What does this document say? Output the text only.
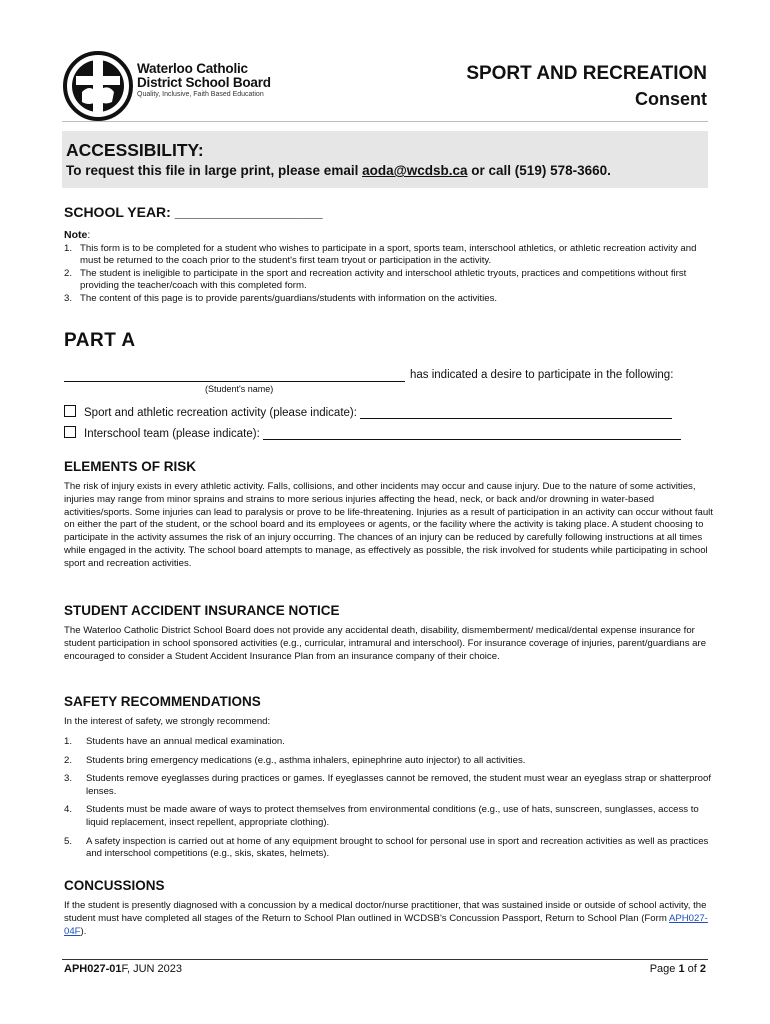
Waterloo Catholic
District School Board
Quality, Inclusive, Faith Based Education
SPORT AND RECREATION
Consent
ACCESSIBILITY:
To request this file in large print, please email aoda@wcdsb.ca or call (519) 578-3660.
SCHOOL YEAR: ___________________
Note:
1. This form is to be completed for a student who wishes to participate in a sport, sports team, interschool athletics, or athletic recreation activity and must be returned to the coach prior to the student's first team tryout or participation in the activity.
2. The student is ineligible to participate in the sport and recreation activity and interschool athletic tryouts, practices and competitions without first providing the teacher/coach with this completed form.
3. The content of this page is to provide parents/guardians/students with information on the activities.
PART A
has indicated a desire to participate in the following:
(Student's name)
Sport and athletic recreation activity (please indicate):
Interschool team (please indicate):
ELEMENTS OF RISK
The risk of injury exists in every athletic activity. Falls, collisions, and other incidents may occur and cause injury. Due to the nature of some activities, injuries may range from minor sprains and strains to more serious injuries affecting the head, neck, or back and/or drowning in water-based activities/sports. Some injuries can lead to paralysis or prove to be life-threatening. Injuries as a result of participation in an activity can occur without fault on either the part of the student, or the school board and its employees or agents, or the facility where the activity is taking place. A student choosing to participate in the activity assumes the risk of an injury occurring. The chances of an injury can be reduced by carefully following instructions at all times while engaged in the activity. The school board attempts to manage, as effectively as possible, the risk involved for students while participating in school sport and recreation activities.
STUDENT ACCIDENT INSURANCE NOTICE
The Waterloo Catholic District School Board does not provide any accidental death, disability, dismemberment/ medical/dental expense insurance for student participation in school sponsored activities (e.g., curricular, intramural and interschool). For insurance coverage of injuries, parent/guardians are encouraged to consider a Student Accident Insurance Plan from an insurance company of their choice.
SAFETY RECOMMENDATIONS
In the interest of safety, we strongly recommend:
1. Students have an annual medical examination.
2. Students bring emergency medications (e.g., asthma inhalers, epinephrine auto injector) to all activities.
3. Students remove eyeglasses during practices or games. If eyeglasses cannot be removed, the student must wear an eyeglass strap or shatterproof lenses.
4. Students must be made aware of ways to protect themselves from environmental conditions (e.g., use of hats, sunscreen, sunglasses, access to liquid replacement, insect repellent, appropriate clothing).
5. A safety inspection is carried out at home of any equipment brought to school for personal use in sport and recreation activities as well as practices and interschool competitions (e.g., skis, skates, helmets).
CONCUSSIONS
If the student is presently diagnosed with a concussion by a medical doctor/nurse practitioner, that was sustained inside or outside of school activity, the student must have completed all stages of the Return to School Plan outlined in WCDSB's Concussion Passport, Return to School Plan (Form APH027-04F).
APH027-01F, JUN 2023	Page 1 of 2
